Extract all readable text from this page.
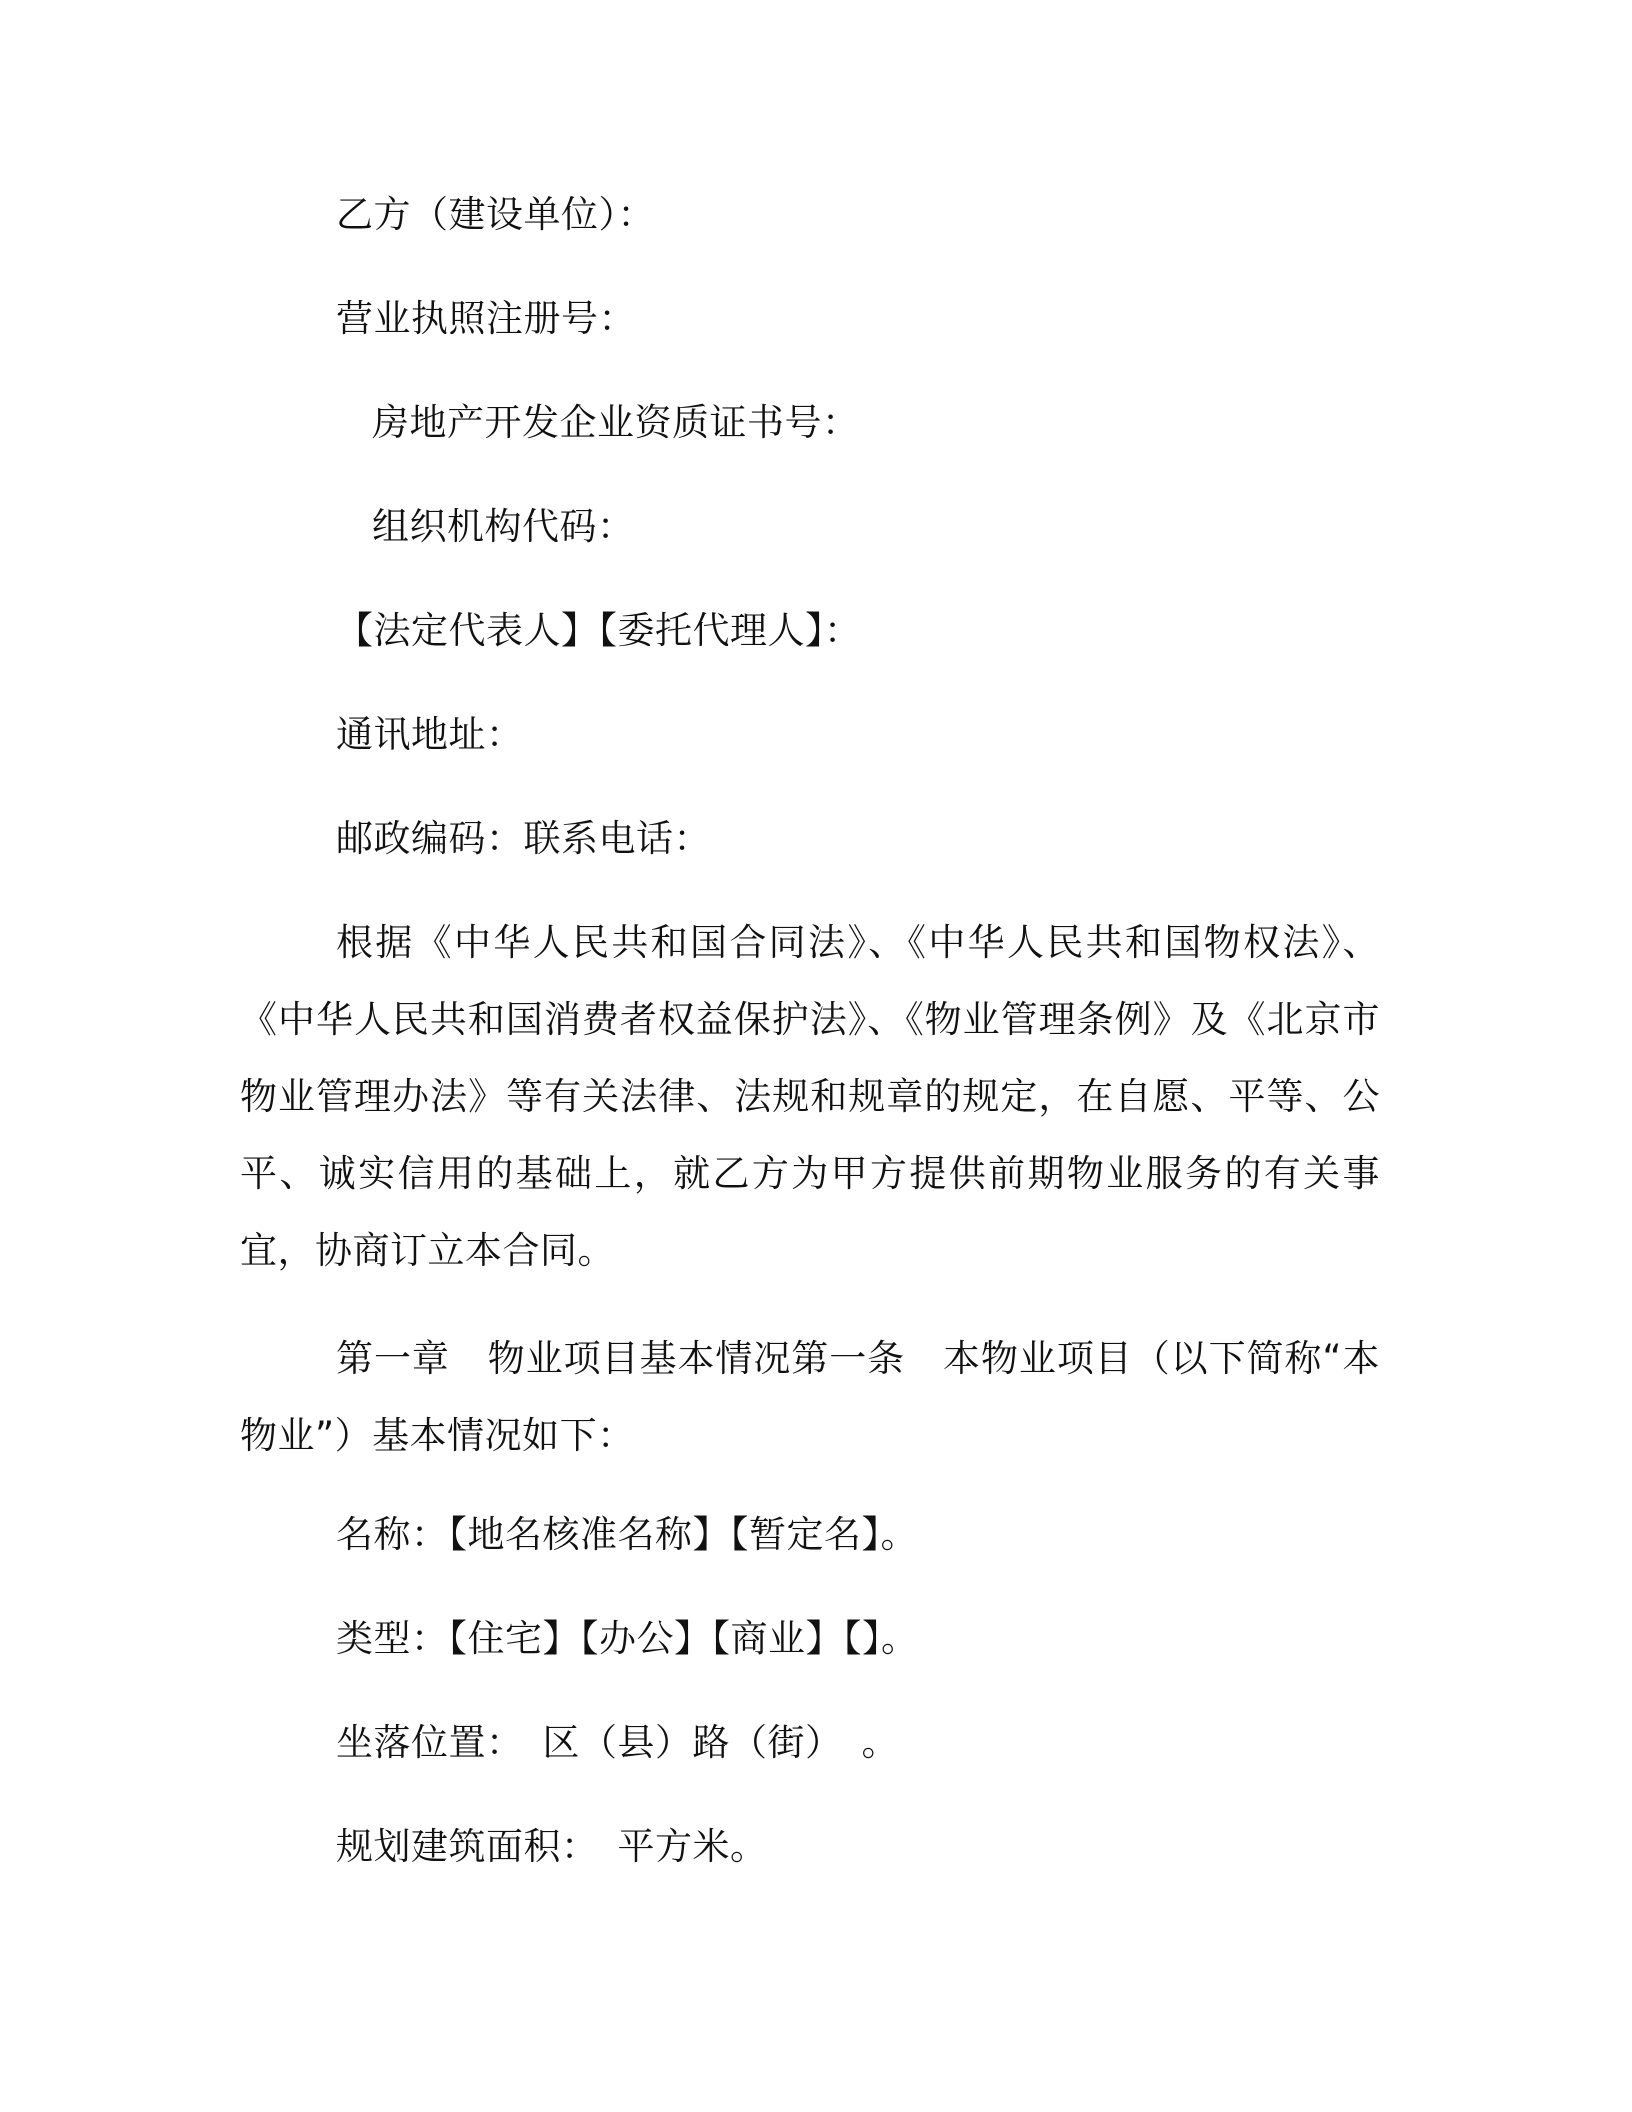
乙方（建设单位）：
营业执照注册号：
房地产开发企业资质证书号：
组织机构代码：
【法定代表人】【委托代理人】：
通讯地址：
邮政编码：联系电话：
根据《中华人民共和国合同法》、《中华人民共和国物权法》、《中华人民共和国消费者权益保护法》、《物业管理条例》及《北京市物业管理办法》等有关法律、法规和规章的规定，在自愿、平等、公平、诚实信用的基础上，就乙方为甲方提供前期物业服务的有关事宜，协商订立本合同。
第一章　物业项目基本情况第一条　本物业项目（以下简称“本物业”）基本情况如下：
名称：【地名核准名称】【暂定名】。
类型：【住宅】【办公】【商业】【】。
坐落位置：　区（县）路（街）　。
规划建筑面积：　平方米。
